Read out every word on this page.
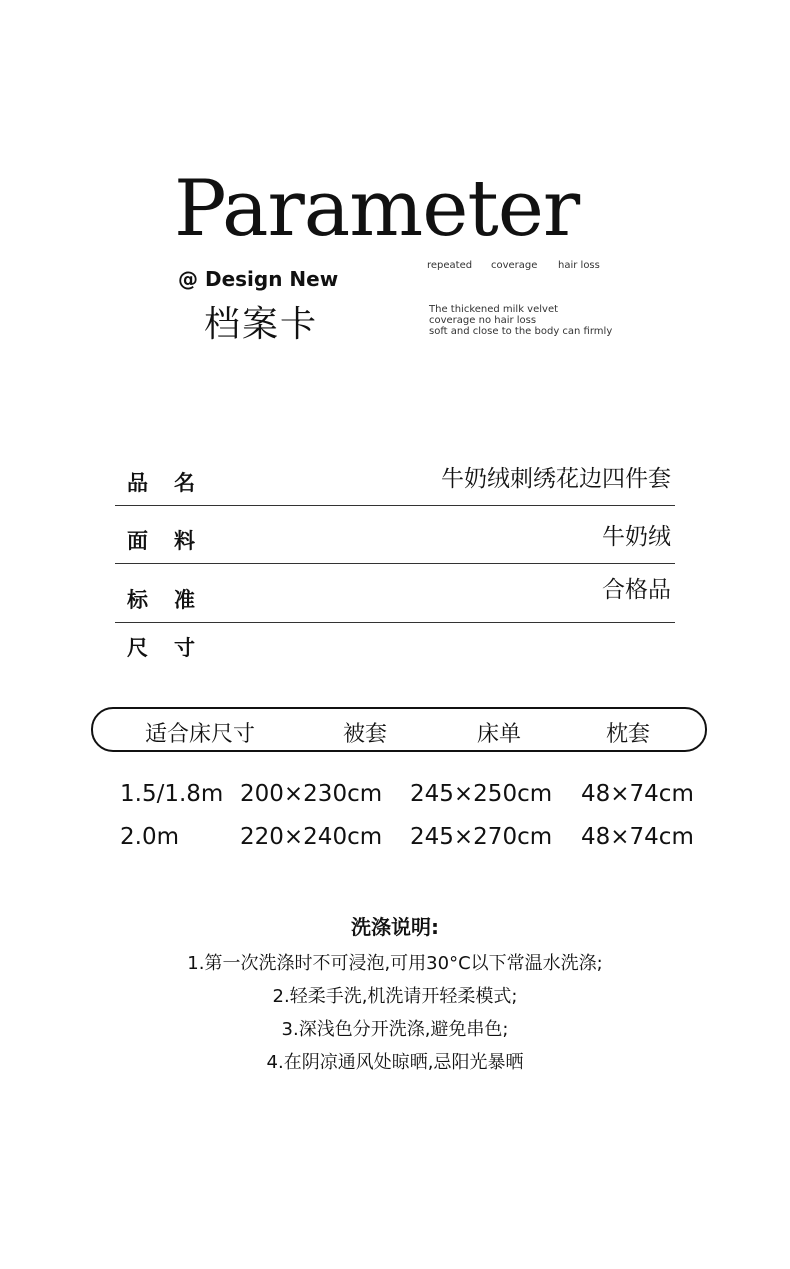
Parameter
@ Design New
档案卡
repeated coverage hair loss
The thickened milk velvet
coverage no hair loss
soft and close to the body can firmly
品名	牛奶绒刺绣花边四件套
面料	牛奶绒
标准	合格品
尺寸
适合床尺寸	被套	床单	枕套
1.5/1.8m 200×230cm 245×250cm 48×74cm
2.0m	220×240cm 245×270cm 48×74cm
洗涤说明:
1.第一次洗涤时不可浸泡,可用30°C以下常温水洗涤;
2.轻柔手洗,机洗请开轻柔模式;
3.深浅色分开洗涤,避免串色;
4.在阴凉通风处晾晒,忌阳光暴晒
